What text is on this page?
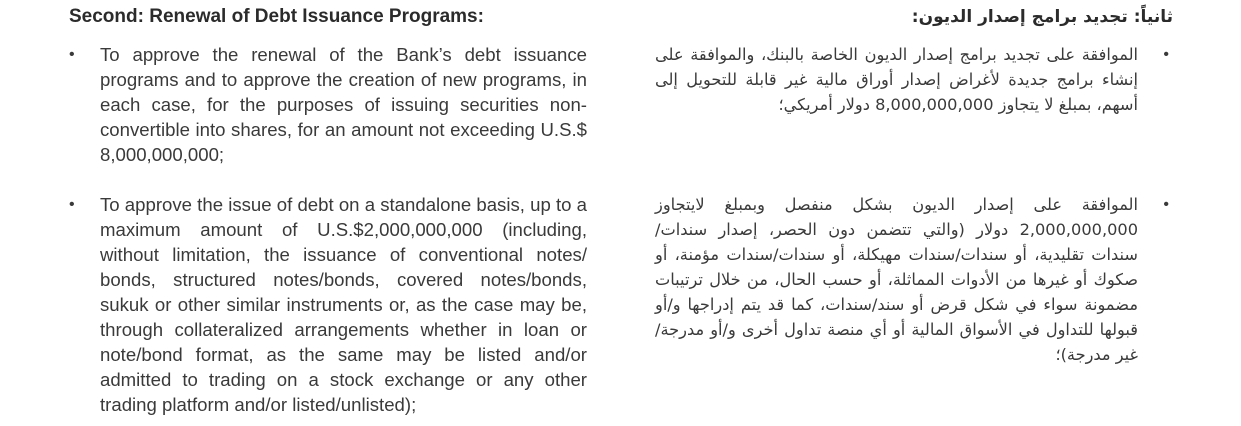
Second: Renewal of Debt Issuance Programs:
•	To approve the renewal of the Bank’s debt issuance programs and to approve the creation of new programs, in each case, for the purposes of issuing securities non-convertible into shares, for an amount not exceeding U.S.$ 8,000,000,000;
•	To approve the issue of debt on a standalone basis, up to a maximum amount of U.S.$2,000,000,000 (including, without limitation, the issuance of conventional notes/ bonds, structured notes/bonds, covered notes/bonds, sukuk or other similar instruments or, as the case may be, through collateralized arrangements whether in loan or note/bond format, as the same may be listed and/or admitted to trading on a stock exchange or any other trading platform and/or listed/unlisted);
ثانياً: تجديد برامج إصدار الديون:
•
الموافقة على تجديد برامج إصدار الديون الخاصة بالبنك، والموافقة على إنشاء برامج جديدة لأغراض إصدار أوراق مالية غير قابلة للتحويل إلى أسهم، بمبلغ لا يتجاوز 8,000,000,000 دولار أمريكي؛
•
الموافقة على إصدار الديون بشكل منفصل وبمبلغ لايتجاوز 2,000,000,000 دولار (والتي تتضمن دون الحصر، إصدار سندات/سندات تقليدية، أو سندات/سندات مهيكلة، أو سندات/سندات مؤمنة، أو صكوك أو غيرها من الأدوات المماثلة، أو حسب الحال، من خلال ترتيبات مضمونة سواء في شكل قرض أو سند/سندات، كما قد يتم إدراجها و/أو قبولها للتداول في الأسواق المالية أو أي منصة تداول أخرى و/أو مدرجة/غير مدرجة)؛
